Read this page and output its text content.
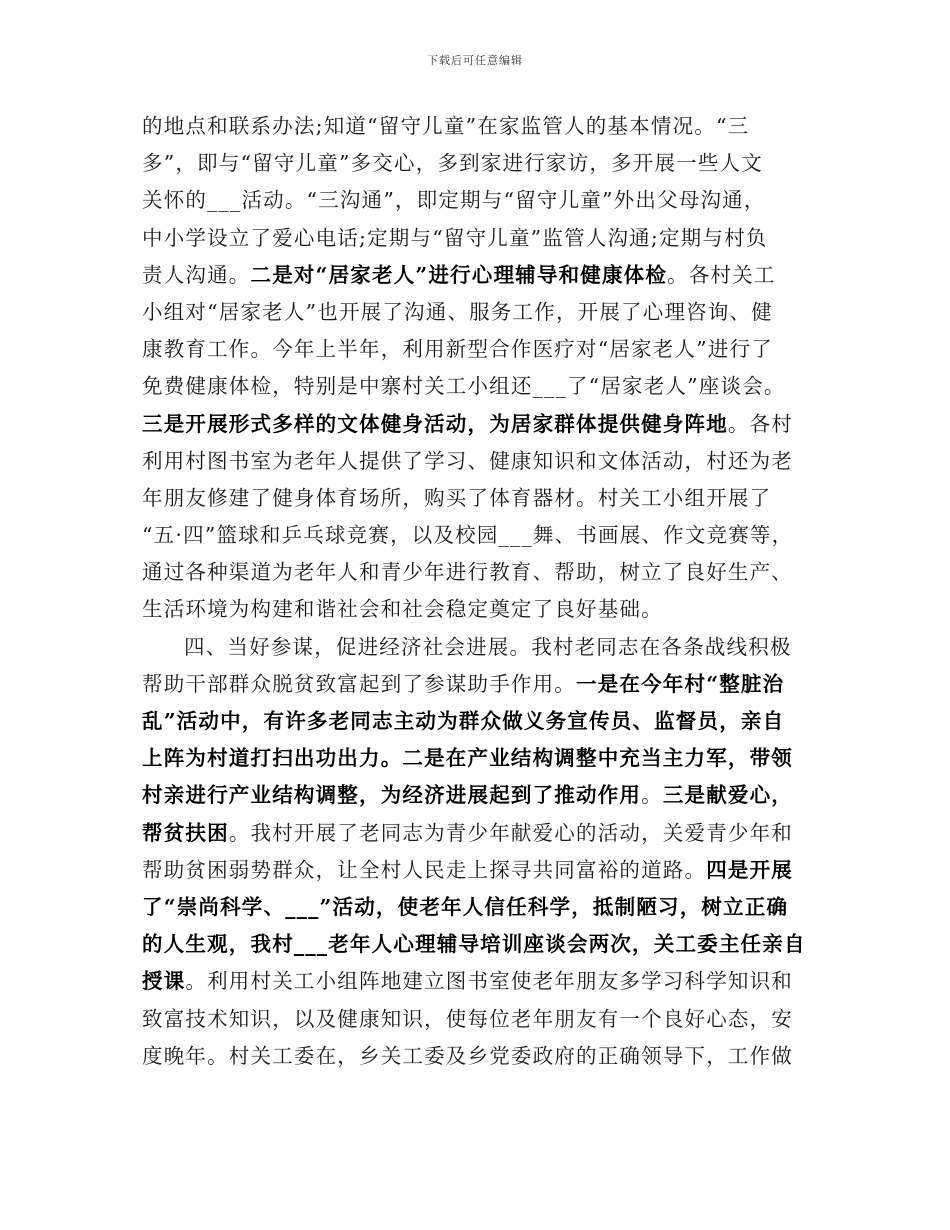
下载后可任意编辑
的地点和联系办法;知道“留守儿童”在家监管人的基本情况。“三
多”，即与“留守儿童”多交心，多到家进行家访，多开展一些人文
关怀的___活动。“三沟通”，即定期与“留守儿童”外出父母沟通，
中小学设立了爱心电话;定期与“留守儿童”监管人沟通;定期与村负
责人沟通。二是对“居家老人”进行心理辅导和健康体检。各村关工
小组对“居家老人”也开展了沟通、服务工作，开展了心理咨询、健
康教育工作。今年上半年，利用新型合作医疗对“居家老人”进行了
免费健康体检，特别是中寨村关工小组还___了“居家老人”座谈会。
三是开展形式多样的文体健身活动，为居家群体提供健身阵地。各村
利用村图书室为老年人提供了学习、健康知识和文体活动，村还为老
年朋友修建了健身体育场所，购买了体育器材。村关工小组开展了
“五·四”篮球和乒乓球竞赛，以及校园___舞、书画展、作文竞赛等，
通过各种渠道为老年人和青少年进行教育、帮助，树立了良好生产、
生活环境为构建和谐社会和社会稳定奠定了良好基础。
四、当好参谋，促进经济社会进展。我村老同志在各条战线积极
帮助干部群众脱贫致富起到了参谋助手作用。一是在今年村“整脏治
乱”活动中，有许多老同志主动为群众做义务宣传员、监督员，亲自
上阵为村道打扫出功出力。二是在产业结构调整中充当主力军，带领
村亲进行产业结构调整，为经济进展起到了推动作用。三是献爱心，
帮贫扶困。我村开展了老同志为青少年献爱心的活动，关爱青少年和
帮助贫困弱势群众，让全村人民走上探寻共同富裕的道路。四是开展
了“崇尚科学、___”活动，使老年人信任科学，抵制陋习，树立正确
的人生观，我村___老年人心理辅导培训座谈会两次，关工委主任亲自
授课。利用村关工小组阵地建立图书室使老年朋友多学习科学知识和
致富技术知识，以及健康知识，使每位老年朋友有一个良好心态，安
度晚年。村关工委在，乡关工委及乡党委政府的正确领导下，工作做
